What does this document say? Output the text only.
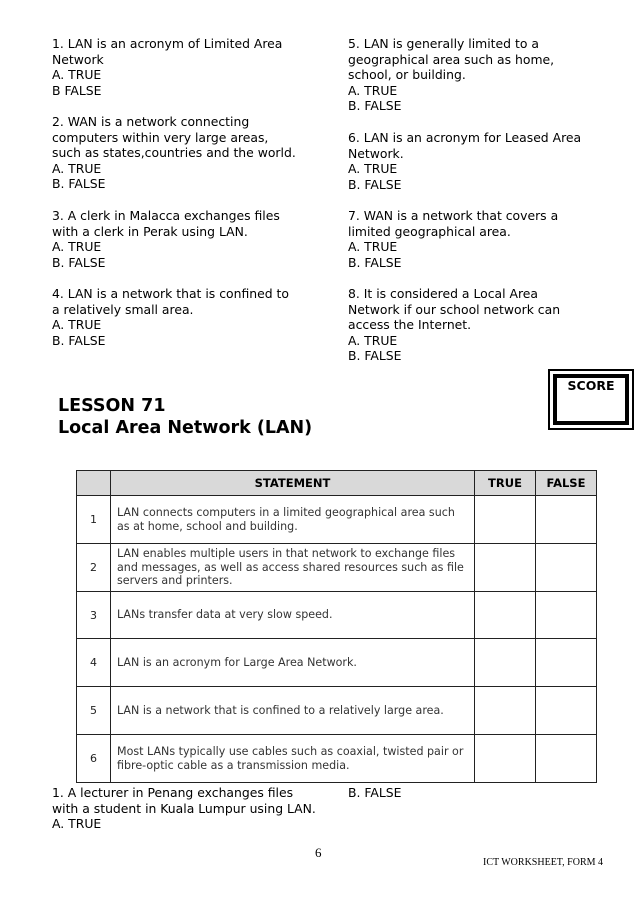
1. LAN is an acronym of Limited Area
Network
A. TRUE
B FALSE
2. WAN is a network connecting
computers within very large areas,
such as states,countries and the world.
A. TRUE
B. FALSE
3. A clerk in Malacca exchanges files
with a clerk in Perak using LAN.
A. TRUE
B. FALSE
4. LAN is a network that is confined to
a relatively small area.
A. TRUE
B. FALSE
5. LAN is generally limited to a
geographical area such as home,
school, or building.
A. TRUE
B. FALSE
6. LAN is an acronym for Leased Area
Network.
A. TRUE
B. FALSE
7. WAN is a network that covers a
limited geographical area.
A. TRUE
B. FALSE
8. It is considered a Local Area
Network if our school network can
access the Internet.
A. TRUE
B. FALSE
SCORE
LESSON 71
Local Area Network (LAN)
	STATEMENT	TRUE	FALSE
1	LAN connects computers in a limited geographical area such as at home, school and building.		
2	LAN enables multiple users in that network to exchange files and messages, as well as access shared resources such as file servers and printers.		
3	LANs transfer data at very slow speed.		
4	LAN is an acronym for Large Area Network.		
5	LAN is a network that is confined to a relatively large area.		
6	Most LANs typically use cables such as coaxial, twisted pair or fibre-optic cable as a transmission media.		
1. A lecturer in Penang exchanges files
with a student in Kuala Lumpur using LAN.
A. TRUE
B. FALSE
6
ICT WORKSHEET, FORM 4
